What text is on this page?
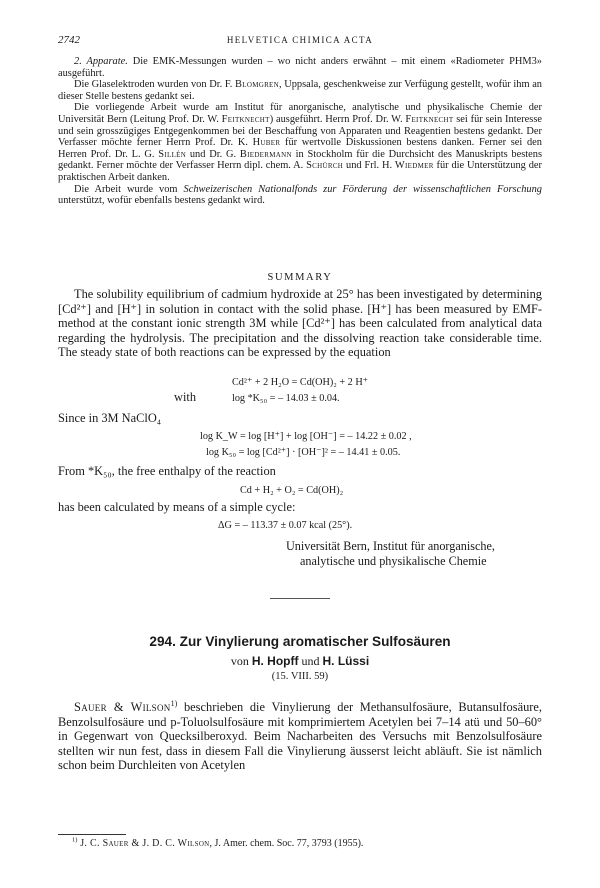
2742	HELVETICA CHIMICA ACTA

2. Apparate. Die EMK-Messungen wurden – wo nicht anders erwähnt – mit einem «Radiometer PHM3» ausgeführt.

Die Glaselektroden wurden von Dr. F. Blomgren, Uppsala, geschenkweise zur Verfügung gestellt, wofür ihm an dieser Stelle bestens gedankt sei.

Die vorliegende Arbeit wurde am Institut für anorganische, analytische und physikalische Chemie der Universität Bern (Leitung Prof. Dr. W. Feitknecht) ausgeführt. Herrn Prof. Dr. W. Feitknecht sei für sein Interesse und sein grosszügiges Entgegenkommen bei der Beschaffung von Apparaten und Reagentien bestens gedankt. Der Verfasser möchte ferner Herrn Prof. Dr. K. Huber für wertvolle Diskussionen bestens danken. Ferner sei den Herren Prof. Dr. L. G. Sillén und Dr. G. Biedermann in Stockholm für die Durchsicht des Manuskripts bestens gedankt. Ferner möchte der Verfasser Herrn dipl. chem. A. Schürch und Frl. H. Wiedmer für die Unterstützung der praktischen Arbeit danken.

Die Arbeit wurde vom Schweizerischen Nationalfonds zur Förderung der wissenschaftlichen Forschung unterstützt, wofür ebenfalls bestens gedankt wird.

SUMMARY

The solubility equilibrium of cadmium hydroxide at 25° has been investigated by determining [Cd²⁺] and [H⁺] in solution in contact with the solid phase. [H⁺] has been measured by EMF-method at the constant ionic strength 3M while [Cd²⁺] has been calculated from analytical data regarding the hydrolysis. The precipitation and the dissolving reaction take considerable time. The steady state of both reactions can be expressed by the equation

Cd²⁺ + 2 H₂O = Cd(OH)₂ + 2 H⁺
with	log *K₅₀ = – 14.03 ± 0.04.
Since in 3M NaClO₄
log K_W = log [H⁺] + log [OH⁻] = – 14.22 ± 0.02 ,
log K₅₀ = log [Cd²⁺] · [OH⁻]² = – 14.41 ± 0.05.
From *K₅₀, the free enthalpy of the reaction
Cd + H₂ + O₂ = Cd(OH)₂
has been calculated by means of a simple cycle:
ΔG = – 113.37 ± 0.07 kcal (25°).
Universität Bern, Institut für anorganische,
analytische und physikalische Chemie
294. Zur Vinylierung aromatischer Sulfosäuren
von H. Hopff und H. Lüssi
(15. VIII. 59)

Sauer & Wilson$^{1)}$ beschrieben die Vinylierung der Methansulfosäure, Butansulfosäure, Benzolsulfosäure und p-Toluolsulfosäure mit komprimiertem Acetylen bei 7–14 atü und 50–60° in Gegenwart von Quecksilberoxyd. Beim Nacharbeiten des Versuchs mit Benzolsulfosäure stellten wir nun fest, dass in diesem Fall die Vinylierung äusserst leicht abläuft. Sie ist nämlich schon beim Durchleiten von Acetylen

$^{1)}$ J. C. Sauer & J. D. C. Wilson, J. Amer. chem. Soc. 77, 3793 (1955).
